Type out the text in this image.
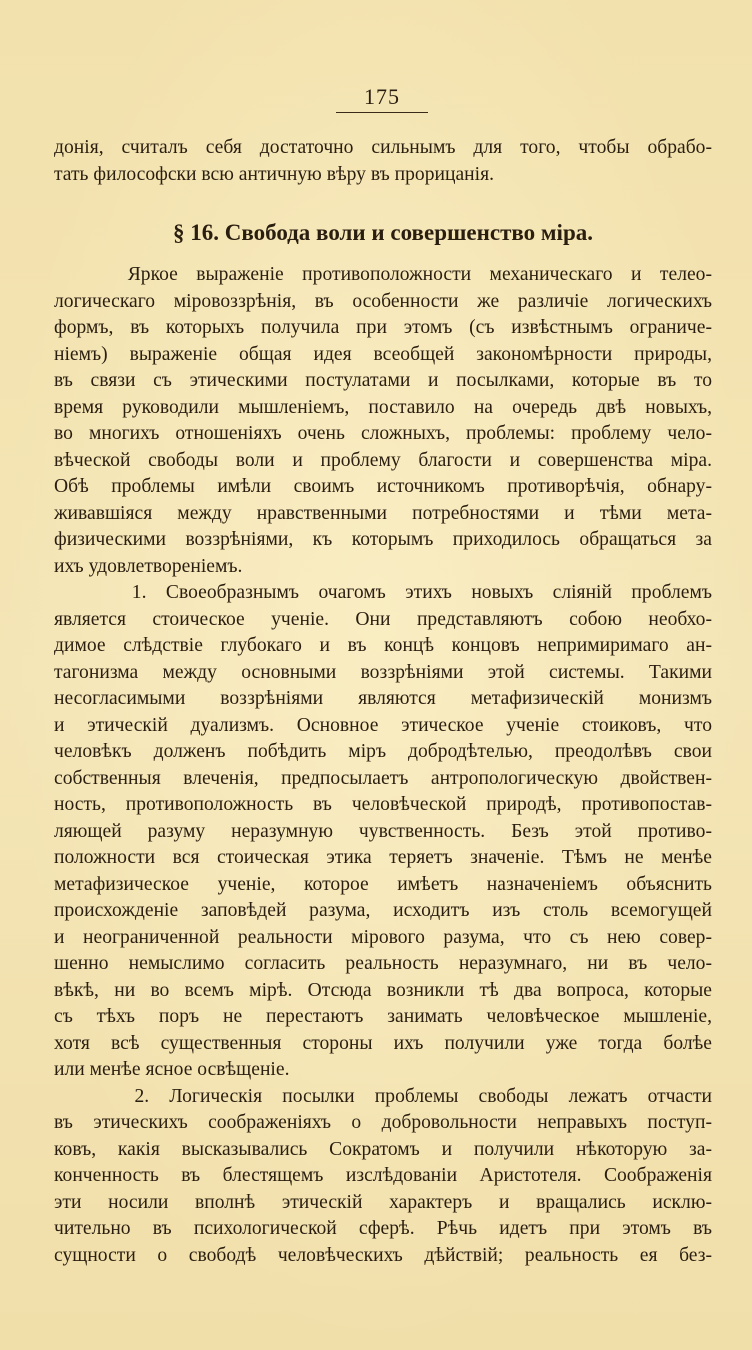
175
донія, считалъ себя достаточно сильнымъ для того, чтобы обрабо-
тать философски всю античную вѣру въ прорицанія.
§ 16. Свобода воли и совершенство міра.
Яркое выраженіе противоположности механическаго и телео-
логическаго міровоззрѣнія, въ особенности же различіе логическихъ
формъ, въ которыхъ получила при этомъ (съ извѣстнымъ ограниче-
ніемъ) выраженіе общая идея всеобщей закономѣрности природы,
въ связи съ этическими постулатами и посылками, которые въ то
время руководили мышленіемъ, поставило на очередь двѣ новыхъ,
во многихъ отношеніяхъ очень сложныхъ, проблемы: проблему чело-
вѣческой свободы воли и проблему благости и совершенства міра.
Обѣ проблемы имѣли своимъ источникомъ противорѣчія, обнару-
живавшіяся между нравственными потребностями и тѣми мета-
физическими воззрѣніями, къ которымъ приходилось обращаться за
ихъ удовлетвореніемъ.
1. Своеобразнымъ очагомъ этихъ новыхъ сліяній проблемъ
является стоическое ученіе. Они представляютъ собою необхо-
димое слѣдствіе глубокаго и въ концѣ концовъ непримиримаго ан-
тагонизма между основными воззрѣніями этой системы. Такими
несогласимыми воззрѣніями являются метафизическій монизмъ
и этическій дуализмъ. Основное этическое ученіе стоиковъ, что
человѣкъ долженъ побѣдить міръ добродѣтелью, преодолѣвъ свои
собственныя влеченія, предпосылаетъ антропологическую двойствен-
ность, противоположность въ человѣческой природѣ, противопостав-
ляющей разуму неразумную чувственность. Безъ этой противо-
положности вся стоическая этика теряетъ значеніе. Тѣмъ не менѣе
метафизическое ученіе, которое имѣетъ назначеніемъ объяснить
происхожденіе заповѣдей разума, исходитъ изъ столь всемогущей
и неограниченной реальности мірового разума, что съ нею совер-
шенно немыслимо согласить реальность неразумнаго, ни въ чело-
вѣкѣ, ни во всемъ мірѣ. Отсюда возникли тѣ два вопроса, которые
съ тѣхъ поръ не перестаютъ занимать человѣческое мышленіе,
хотя всѣ существенныя стороны ихъ получили уже тогда болѣе
или менѣе ясное освѣщеніе.
2. Логическія посылки проблемы свободы лежатъ отчасти
въ этическихъ соображеніяхъ о добровольности неправыхъ поступ-
ковъ, какія высказывались Сократомъ и получили нѣкоторую за-
конченность въ блестящемъ изслѣдованіи Аристотеля. Соображенія
эти носили вполнѣ этическій характеръ и вращались исклю-
чительно въ психологической сферѣ. Рѣчь идетъ при этомъ въ
сущности о свободѣ человѣческихъ дѣйствій; реальность ея без-
